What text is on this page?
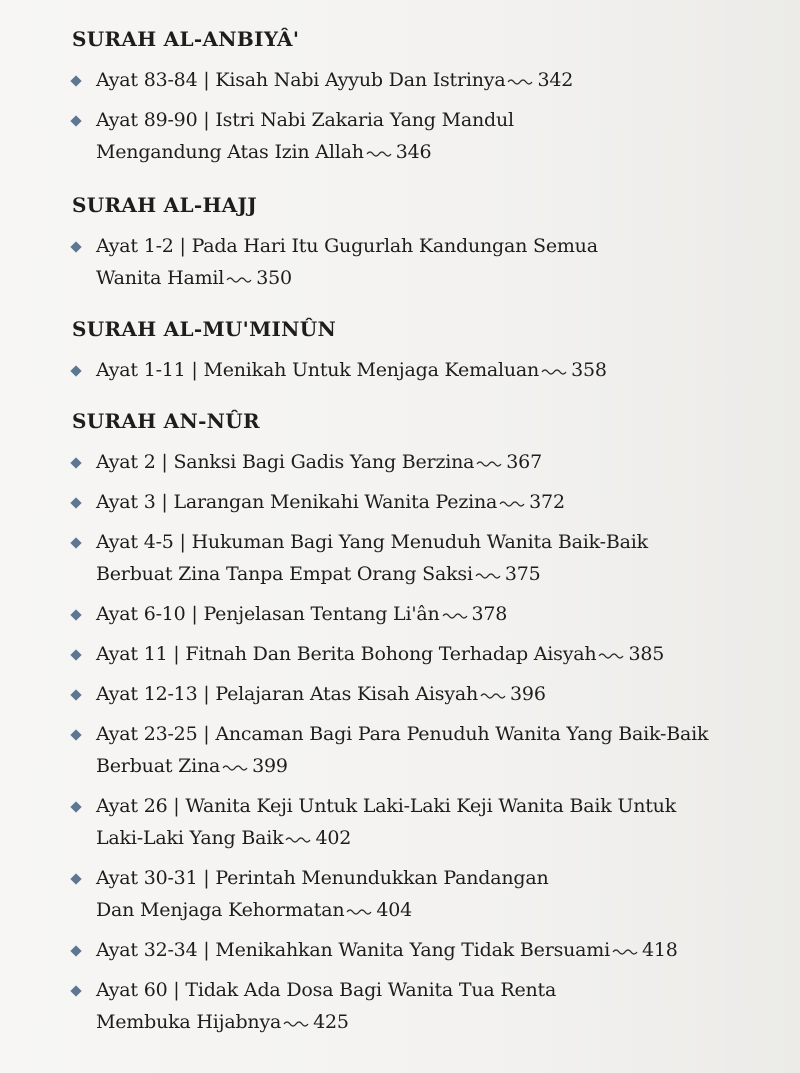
SURAH AL-ANBIYÂ'
Ayat 83-84 | Kisah Nabi Ayyub Dan Istrinya 342
Ayat 89-90 | Istri Nabi Zakaria Yang Mandul
Mengandung Atas Izin Allah 346
SURAH AL-HAJJ
Ayat 1-2 | Pada Hari Itu Gugurlah Kandungan Semua
Wanita Hamil 350
SURAH AL-MU'MINÛN
Ayat 1-11 | Menikah Untuk Menjaga Kemaluan 358
SURAH AN-NÛR
Ayat 2 | Sanksi Bagi Gadis Yang Berzina 367
Ayat 3 | Larangan Menikahi Wanita Pezina 372
Ayat 4-5 | Hukuman Bagi Yang Menuduh Wanita Baik-Baik
Berbuat Zina Tanpa Empat Orang Saksi 375
Ayat 6-10 | Penjelasan Tentang Li'ân 378
Ayat 11 | Fitnah Dan Berita Bohong Terhadap Aisyah 385
Ayat 12-13 | Pelajaran Atas Kisah Aisyah 396
Ayat 23-25 | Ancaman Bagi Para Penuduh Wanita Yang Baik-Baik
Berbuat Zina 399
Ayat 26 | Wanita Keji Untuk Laki-Laki Keji Wanita Baik Untuk
Laki-Laki Yang Baik 402
Ayat 30-31 | Perintah Menundukkan Pandangan
Dan Menjaga Kehormatan 404
Ayat 32-34 | Menikahkan Wanita Yang Tidak Bersuami 418
Ayat 60 | Tidak Ada Dosa Bagi Wanita Tua Renta
Membuka Hijabnya 425
